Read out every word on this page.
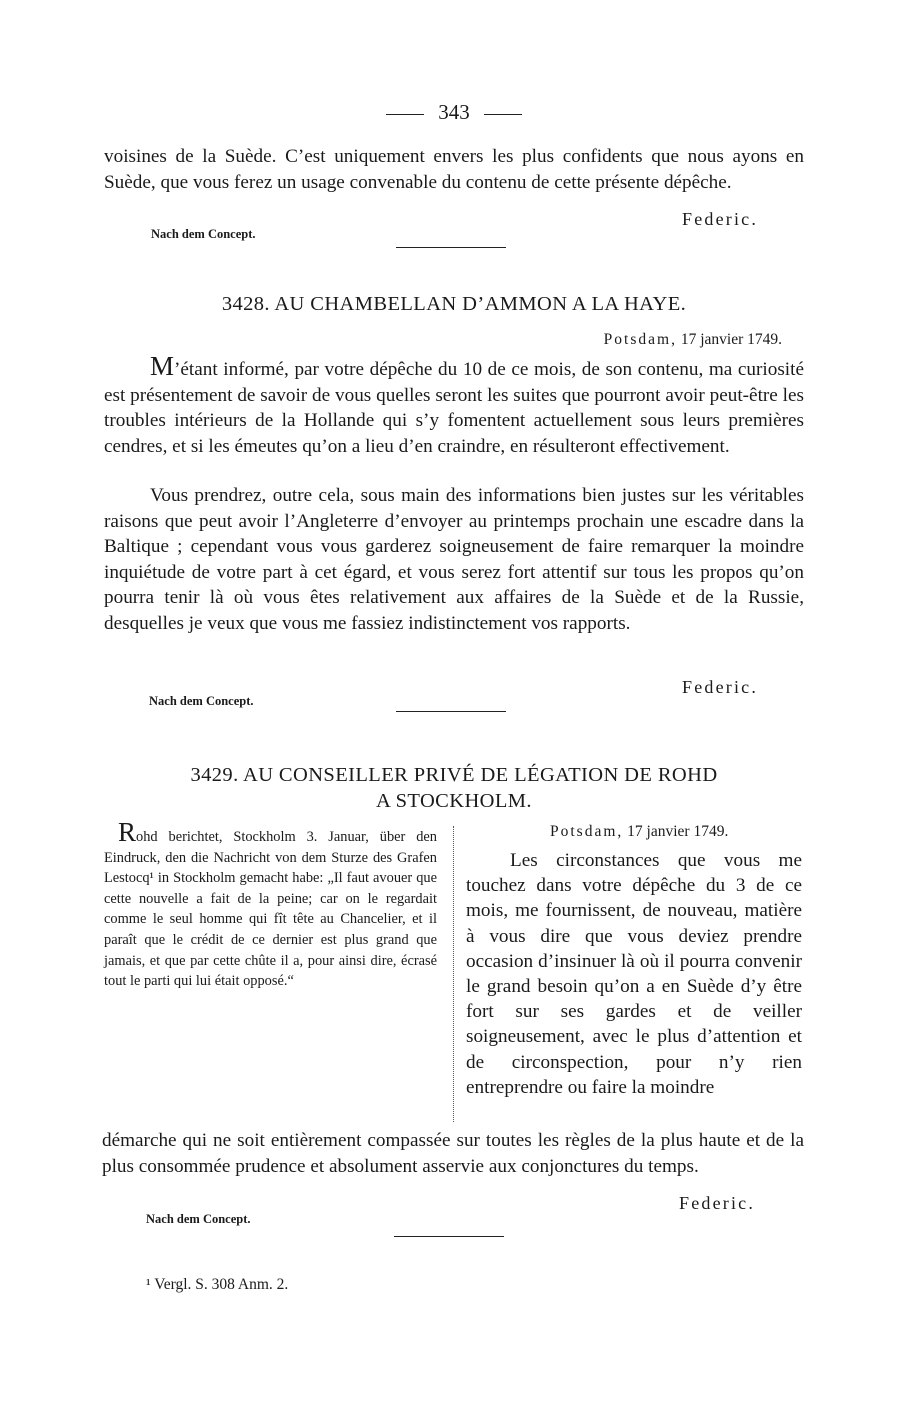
343

voisines de la Suède. C’est uniquement envers les plus confidents que nous ayons en Suède, que vous ferez un usage convenable du contenu de cette présente dépêche.

Federic.
Nach dem Concept.
3428. AU CHAMBELLAN D’AMMON A LA HAYE.
Potsdam, 17 janvier 1749.

M’étant informé, par votre dépêche du 10 de ce mois, de son contenu, ma curiosité est présentement de savoir de vous quelles seront les suites que pourront avoir peut-être les troubles intérieurs de la Hollande qui s’y fomentent actuellement sous leurs premières cendres, et si les émeutes qu’on a lieu d’en craindre, en résulteront effectivement.

Vous prendrez, outre cela, sous main des informations bien justes sur les véritables raisons que peut avoir l’Angleterre d’envoyer au printemps prochain une escadre dans la Baltique ; cependant vous vous garderez soigneusement de faire remarquer la moindre inquiétude de votre part à cet égard, et vous serez fort attentif sur tous les propos qu’on pourra tenir là où vous êtes relativement aux affaires de la Suède et de la Russie, desquelles je veux que vous me fassiez indistinctement vos rapports.

Federic.
Nach dem Concept.
3429. AU CONSEILLER PRIVÉ DE LÉGATION DE ROHD
A STOCKHOLM.

Rohd berichtet, Stockholm 3. Januar, über den Eindruck, den die Nachricht von dem Sturze des Grafen Lestocq¹ in Stockholm gemacht habe: „Il faut avouer que cette nouvelle a fait de la peine; car on le regardait comme le seul homme qui fît tête au Chancelier, et il paraît que le crédit de ce dernier est plus grand que jamais, et que par cette chûte il a, pour ainsi dire, écrasé tout le parti qui lui était opposé.“

Potsdam, 17 janvier 1749.

Les circonstances que vous me touchez dans votre dépêche du 3 de ce mois, me fournissent, de nouveau, matière à vous dire que vous deviez prendre occasion d’insinuer là où il pourra convenir le grand besoin qu’on a en Suède d’y être fort sur ses gardes et de veiller soigneusement, avec le plus d’attention et de circonspection, pour n’y rien entreprendre ou faire la moindre

démarche qui ne soit entièrement compassée sur toutes les règles de la plus haute et de la plus consommée prudence et absolument asservie aux conjonctures du temps.

Federic.
Nach dem Concept.
¹ Vergl. S. 308 Anm. 2.
